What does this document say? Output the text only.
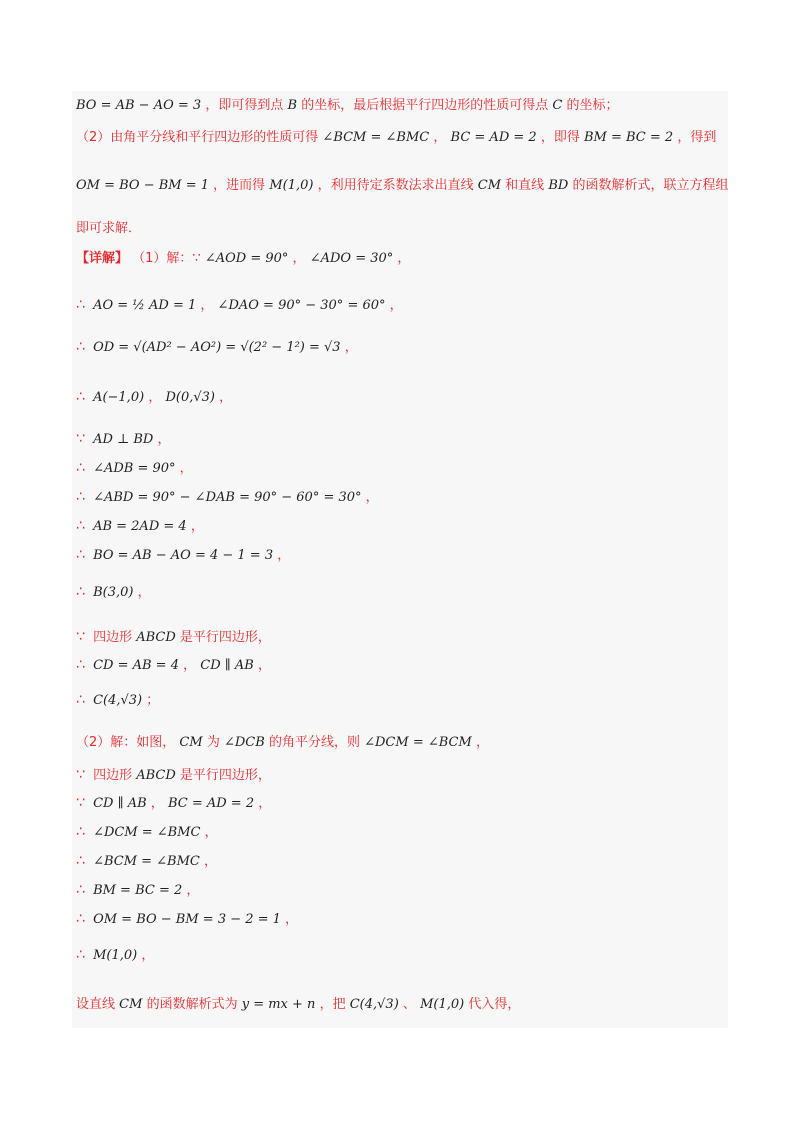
BO = AB − AO = 3 ，即可得到点 B 的坐标，最后根据平行四边形的性质可得点 C 的坐标；
（2）由角平分线和平行四边形的性质可得 ∠BCM = ∠BMC ， BC = AD = 2 ，即得 BM = BC = 2 ，得到
OM = BO − BM = 1 ，进而得 M(1,0) ，利用待定系数法求出直线 CM 和直线 BD 的函数解析式，联立方程组
即可求解．
【详解】 （1）解：∵ ∠AOD = 90° ， ∠ADO = 30° ，
∴ AO = ½ AD = 1 ， ∠DAO = 90° − 30° = 60° ，
∴ OD = √(AD² − AO²) = √(2² − 1²) = √3 ，
∴ A(−1,0) ， D(0,√3) ，
∵ AD ⊥ BD ，
∴ ∠ADB = 90° ，
∴ ∠ABD = 90° − ∠DAB = 90° − 60° = 30° ，
∴ AB = 2AD = 4 ，
∴ BO = AB − AO = 4 − 1 = 3 ，
∴ B(3,0) ，
∵ 四边形 ABCD 是平行四边形，
∴ CD = AB = 4 ， CD ∥ AB ，
∴ C(4,√3) ；
（2）解：如图， CM 为 ∠DCB 的角平分线，则 ∠DCM = ∠BCM ，
∵ 四边形 ABCD 是平行四边形，
∵ CD ∥ AB ， BC = AD = 2 ，
∴ ∠DCM = ∠BMC ，
∴ ∠BCM = ∠BMC ，
∴ BM = BC = 2 ，
∴ OM = BO − BM = 3 − 2 = 1 ，
∴ M(1,0) ，
设直线 CM 的函数解析式为 y = mx + n ，把 C(4,√3) 、 M(1,0) 代入得，
